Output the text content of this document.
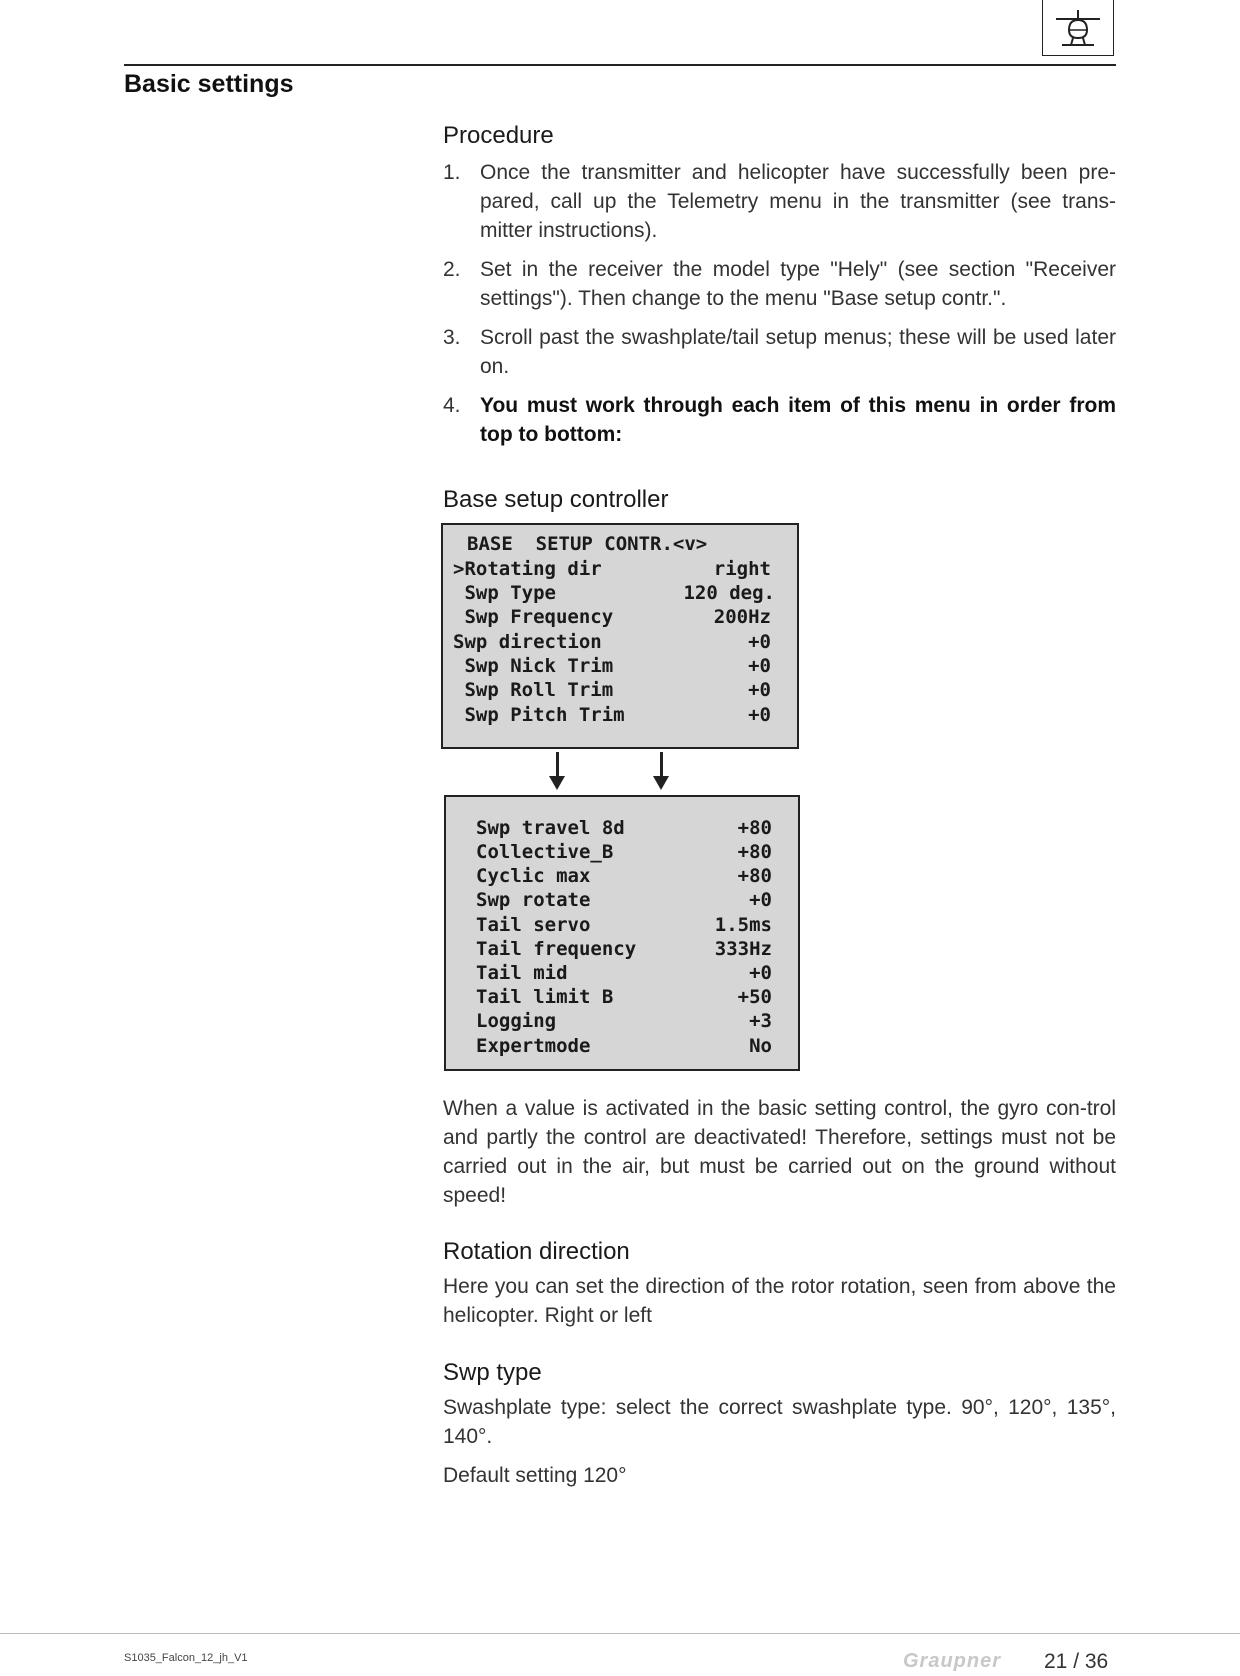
Basic settings

Procedure

1. Once the transmitter and helicopter have successfully been pre-pared, call up the Telemetry menu in the transmitter (see trans-mitter instructions).
2. Set in the receiver the model type "Hely" (see section "Receiver settings"). Then change to the menu "Base setup contr.".
3. Scroll past the swashplate/tail setup menus; these will be used later on.
4. You must work through each item of this menu in order from top to bottom:

Base setup controller

BASE  SETUP CONTR.<v>
>Rotating dir	right
Swp Type	120 deg.
Swp Frequency	200Hz
Swp direction	+0
Swp Nick Trim	+0
Swp Roll Trim	+0
Swp Pitch Trim	+0
Swp travel 8d	+80
Collective_B	+80
Cyclic max	+80
Swp rotate	+0
Tail servo	1.5ms
Tail frequency	333Hz
Tail mid	+0
Tail limit B	+50
Logging	+3
Expertmode	No

When a value is activated in the basic setting control, the gyro con-trol and partly the control are deactivated! Therefore, settings must not be carried out in the air, but must be carried out on the ground without speed!

Rotation direction

Here you can set the direction of the rotor rotation, seen from above the helicopter. Right or left

Swp type

Swashplate type: select the correct swashplate type. 90°, 120°, 135°, 140°.

Default setting 120°

S1035_Falcon_12_jh_V1	Graupner 21 / 36
